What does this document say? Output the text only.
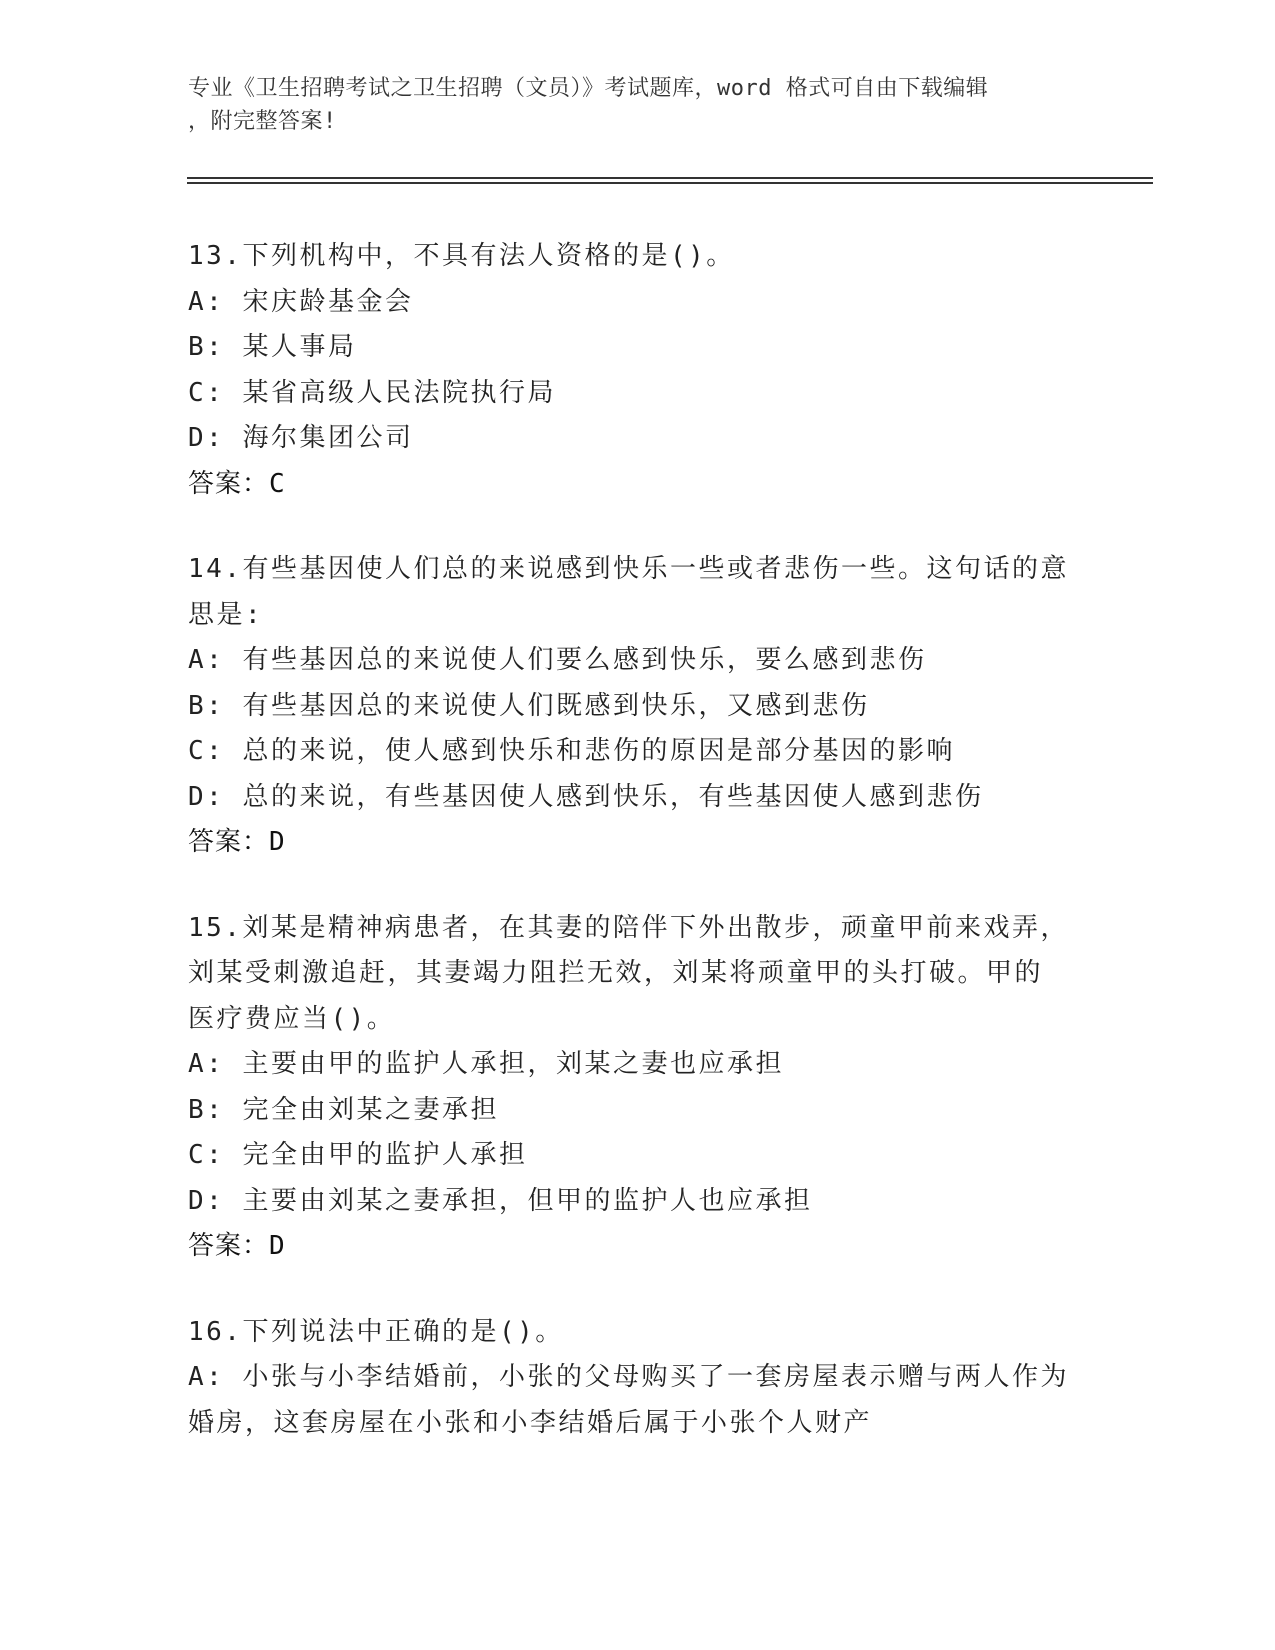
专业《卫生招聘考试之卫生招聘（文员）》考试题库，word 格式可自由下载编辑
，附完整答案!
13.下列机构中，不具有法人资格的是()。
A: 宋庆龄基金会
B: 某人事局
C: 某省高级人民法院执行局
D: 海尔集团公司
答案：C
14.有些基因使人们总的来说感到快乐一些或者悲伤一些。这句话的意
思是:
A: 有些基因总的来说使人们要么感到快乐，要么感到悲伤
B: 有些基因总的来说使人们既感到快乐，又感到悲伤
C: 总的来说，使人感到快乐和悲伤的原因是部分基因的影响
D: 总的来说，有些基因使人感到快乐，有些基因使人感到悲伤
答案：D
15.刘某是精神病患者，在其妻的陪伴下外出散步，顽童甲前来戏弄，
刘某受刺激追赶，其妻竭力阻拦无效，刘某将顽童甲的头打破。甲的
医疗费应当()。
A: 主要由甲的监护人承担，刘某之妻也应承担
B: 完全由刘某之妻承担
C: 完全由甲的监护人承担
D: 主要由刘某之妻承担，但甲的监护人也应承担
答案：D
16.下列说法中正确的是()。
A: 小张与小李结婚前，小张的父母购买了一套房屋表示赠与两人作为
婚房，这套房屋在小张和小李结婚后属于小张个人财产
